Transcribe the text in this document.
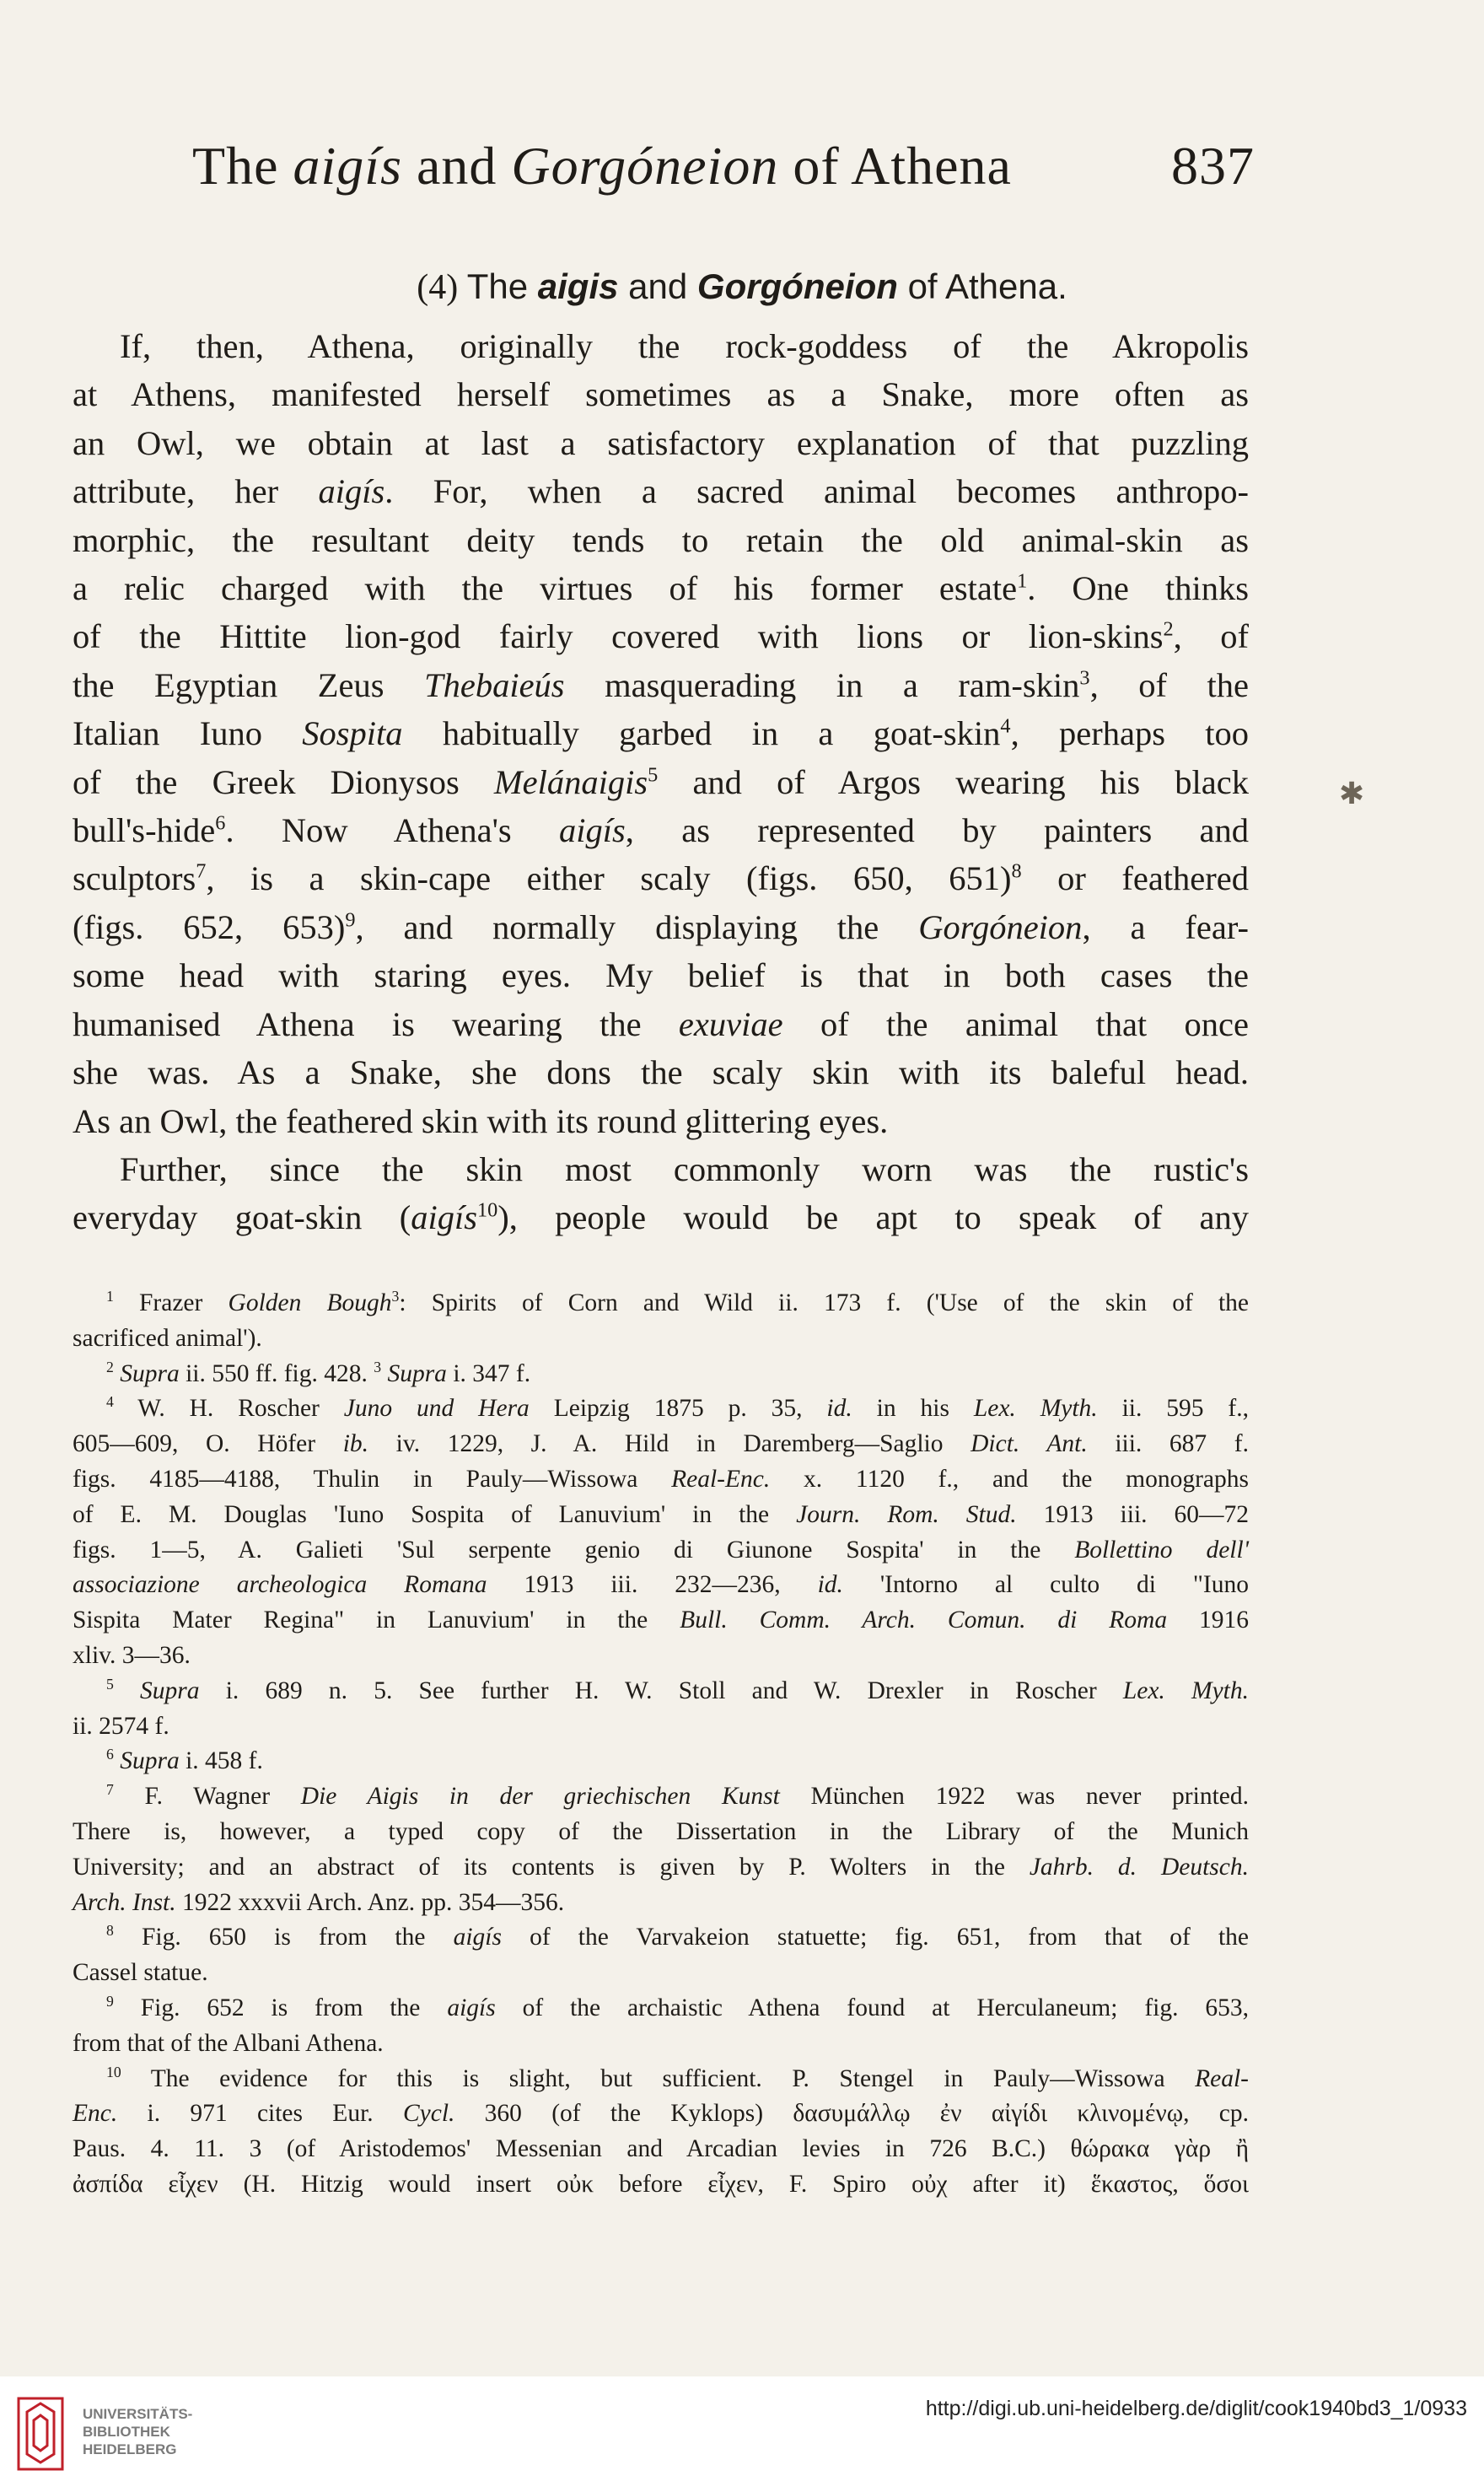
The aigís and Gorgóneion of Athena	837
(4) The aigis and Gorgóneion of Athena.
If, then, Athena, originally the rock-goddess of the Akropolis
at Athens, manifested herself sometimes as a Snake, more often as
an Owl, we obtain at last a satisfactory explanation of that puzzling
attribute, her aigís. For, when a sacred animal becomes anthropo-
morphic, the resultant deity tends to retain the old animal-skin as
a relic charged with the virtues of his former estate$^1$. One thinks
of the Hittite lion-god fairly covered with lions or lion-skins$^2$, of
the Egyptian Zeus Thebaieús masquerading in a ram-skin$^3$, of the
Italian Iuno Sospita habitually garbed in a goat-skin$^4$, perhaps too
of the Greek Dionysos Melánaigis$^5$ and of Argos wearing his black
bull's-hide$^6$. Now Athena's aigís, as represented by painters and
sculptors$^7$, is a skin-cape either scaly (figs. 650, 651)$^8$ or feathered
(figs. 652, 653)$^9$, and normally displaying the Gorgóneion, a fear-
some head with staring eyes. My belief is that in both cases the
humanised Athena is wearing the exuviae of the animal that once
she was. As a Snake, she dons the scaly skin with its baleful head.
As an Owl, the feathered skin with its round glittering eyes.
Further, since the skin most commonly worn was the rustic's
everyday goat-skin (aigís$^{10}$), people would be apt to speak of any
✱
$^1$ Frazer Golden Bough$^3$: Spirits of Corn and Wild ii. 173 f. ('Use of the skin of the
sacrificed animal').
$^2$ Supra ii. 550 ff. fig. 428. $^3$ Supra i. 347 f.
$^4$ W. H. Roscher Juno und Hera Leipzig 1875 p. 35, id. in his Lex. Myth. ii. 595 f.,
605—609, O. Höfer ib. iv. 1229, J. A. Hild in Daremberg—Saglio Dict. Ant. iii. 687 f.
figs. 4185—4188, Thulin in Pauly—Wissowa Real-Enc. x. 1120 f., and the monographs
of E. M. Douglas 'Iuno Sospita of Lanuvium' in the Journ. Rom. Stud. 1913 iii. 60—72
figs. 1—5, A. Galieti 'Sul serpente genio di Giunone Sospita' in the Bollettino dell'
associazione archeologica Romana 1913 iii. 232—236, id. 'Intorno al culto di "Iuno
Sispita Mater Regina" in Lanuvium' in the Bull. Comm. Arch. Comun. di Roma 1916
xliv. 3—36.
$^5$ Supra i. 689 n. 5. See further H. W. Stoll and W. Drexler in Roscher Lex. Myth.
ii. 2574 f.
$^6$ Supra i. 458 f.
$^7$ F. Wagner Die Aigis in der griechischen Kunst München 1922 was never printed.
There is, however, a typed copy of the Dissertation in the Library of the Munich
University; and an abstract of its contents is given by P. Wolters in the Jahrb. d. Deutsch.
Arch. Inst. 1922 xxxvii Arch. Anz. pp. 354—356.
$^8$ Fig. 650 is from the aigís of the Varvakeion statuette; fig. 651, from that of the
Cassel statue.
$^9$ Fig. 652 is from the aigís of the archaistic Athena found at Herculaneum; fig. 653,
from that of the Albani Athena.
$^{10}$ The evidence for this is slight, but sufficient. P. Stengel in Pauly—Wissowa Real-
Enc. i. 971 cites Eur. Cycl. 360 (of the Kyklops) δασυμάλλῳ ἐν αἰγίδι κλινομένῳ, cp.
Paus. 4. 11. 3 (of Aristodemos' Messenian and Arcadian levies in 726 B.C.) θώρακα γὰρ ἢ
ἀσπίδα εἶχεν (H. Hitzig would insert οὐκ before εἶχεν, F. Spiro οὐχ after it) ἕκαστος, ὅσοι
UNIVERSITÄTS-
BIBLIOTHEK
HEIDELBERG
http://digi.ub.uni-heidelberg.de/diglit/cook1940bd3_1/0933
